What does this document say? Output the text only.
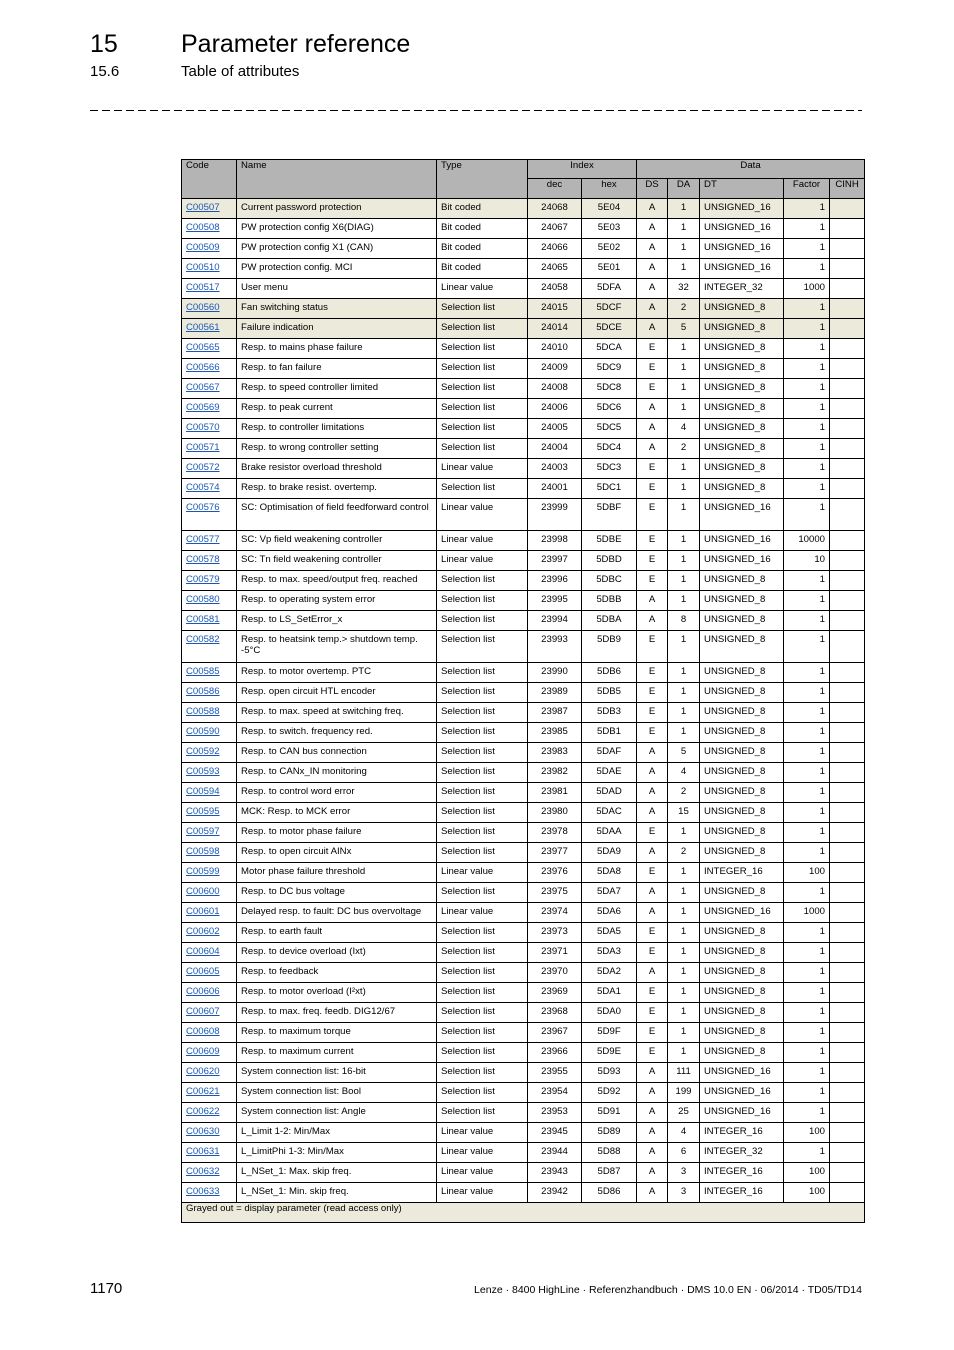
15	Parameter reference
15.6	Table of attributes
Code	Name	Type	Index		Data				
			dec	hex	DS	DA	DT	Factor	CINH
C00507	Current password protection	Bit coded	24068	5E04	A	1	UNSIGNED_16	1	
C00508	PW protection config X6(DIAG)	Bit coded	24067	5E03	A	1	UNSIGNED_16	1	
C00509	PW protection config X1 (CAN)	Bit coded	24066	5E02	A	1	UNSIGNED_16	1	
C00510	PW protection config. MCI	Bit coded	24065	5E01	A	1	UNSIGNED_16	1	
C00517	User menu	Linear value	24058	5DFA	A	32	INTEGER_32	1000	
C00560	Fan switching status	Selection list	24015	5DCF	A	2	UNSIGNED_8	1	
C00561	Failure indication	Selection list	24014	5DCE	A	5	UNSIGNED_8	1	
C00565	Resp. to mains phase failure	Selection list	24010	5DCA	E	1	UNSIGNED_8	1	
C00566	Resp. to fan failure	Selection list	24009	5DC9	E	1	UNSIGNED_8	1	
C00567	Resp. to speed controller limited	Selection list	24008	5DC8	E	1	UNSIGNED_8	1	
C00569	Resp. to peak current	Selection list	24006	5DC6	A	1	UNSIGNED_8	1	
C00570	Resp. to controller limitations	Selection list	24005	5DC5	A	4	UNSIGNED_8	1	
C00571	Resp. to wrong controller setting	Selection list	24004	5DC4	A	2	UNSIGNED_8	1	
C00572	Brake resistor overload threshold	Linear value	24003	5DC3	E	1	UNSIGNED_8	1	
C00574	Resp. to brake resist. overtemp.	Selection list	24001	5DC1	E	1	UNSIGNED_8	1	
C00576	SC: Optimisation of field feedforward control	Linear value	23999	5DBF	E	1	UNSIGNED_16	1	
C00577	SC: Vp field weakening controller	Linear value	23998	5DBE	E	1	UNSIGNED_16	10000	
C00578	SC: Tn field weakening controller	Linear value	23997	5DBD	E	1	UNSIGNED_16	10	
C00579	Resp. to max. speed/output freq. reached	Selection list	23996	5DBC	E	1	UNSIGNED_8	1	
C00580	Resp. to operating system error	Selection list	23995	5DBB	A	1	UNSIGNED_8	1	
C00581	Resp. to LS_SetError_x	Selection list	23994	5DBA	A	8	UNSIGNED_8	1	
C00582	Resp. to heatsink temp.> shutdown temp. -5°C	Selection list	23993	5DB9	E	1	UNSIGNED_8	1	
C00585	Resp. to motor overtemp. PTC	Selection list	23990	5DB6	E	1	UNSIGNED_8	1	
C00586	Resp. open circuit HTL encoder	Selection list	23989	5DB5	E	1	UNSIGNED_8	1	
C00588	Resp. to max. speed at switching freq.	Selection list	23987	5DB3	E	1	UNSIGNED_8	1	
C00590	Resp. to switch. frequency red.	Selection list	23985	5DB1	E	1	UNSIGNED_8	1	
C00592	Resp. to CAN bus connection	Selection list	23983	5DAF	A	5	UNSIGNED_8	1	
C00593	Resp. to CANx_IN monitoring	Selection list	23982	5DAE	A	4	UNSIGNED_8	1	
C00594	Resp. to control word error	Selection list	23981	5DAD	A	2	UNSIGNED_8	1	
C00595	MCK: Resp. to MCK error	Selection list	23980	5DAC	A	15	UNSIGNED_8	1	
C00597	Resp. to motor phase failure	Selection list	23978	5DAA	E	1	UNSIGNED_8	1	
C00598	Resp. to open circuit AINx	Selection list	23977	5DA9	A	2	UNSIGNED_8	1	
C00599	Motor phase failure threshold	Linear value	23976	5DA8	E	1	INTEGER_16	100	
C00600	Resp. to DC bus voltage	Selection list	23975	5DA7	A	1	UNSIGNED_8	1	
C00601	Delayed resp. to fault: DC bus overvoltage	Linear value	23974	5DA6	A	1	UNSIGNED_16	1000	
C00602	Resp. to earth fault	Selection list	23973	5DA5	E	1	UNSIGNED_8	1	
C00604	Resp. to device overload (Ixt)	Selection list	23971	5DA3	E	1	UNSIGNED_8	1	
C00605	Resp. to feedback	Selection list	23970	5DA2	A	1	UNSIGNED_8	1	
C00606	Resp. to motor overload (I²xt)	Selection list	23969	5DA1	E	1	UNSIGNED_8	1	
C00607	Resp. to max. freq. feedb. DIG12/67	Selection list	23968	5DA0	E	1	UNSIGNED_8	1	
C00608	Resp. to maximum torque	Selection list	23967	5D9F	E	1	UNSIGNED_8	1	
C00609	Resp. to maximum current	Selection list	23966	5D9E	E	1	UNSIGNED_8	1	
C00620	System connection list: 16-bit	Selection list	23955	5D93	A	111	UNSIGNED_16	1	
C00621	System connection list: Bool	Selection list	23954	5D92	A	199	UNSIGNED_16	1	
C00622	System connection list: Angle	Selection list	23953	5D91	A	25	UNSIGNED_16	1	
C00630	L_Limit 1-2: Min/Max	Linear value	23945	5D89	A	4	INTEGER_16	100	
C00631	L_LimitPhi 1-3: Min/Max	Linear value	23944	5D88	A	6	INTEGER_32	1	
C00632	L_NSet_1: Max. skip freq.	Linear value	23943	5D87	A	3	INTEGER_16	100	
C00633	L_NSet_1: Min. skip freq.	Linear value	23942	5D86	A	3	INTEGER_16	100	
Grayed out = display parameter (read access only)									
1170	Lenze · 8400 HighLine · Referenzhandbuch · DMS 10.0 EN · 06/2014 · TD05/TD14
